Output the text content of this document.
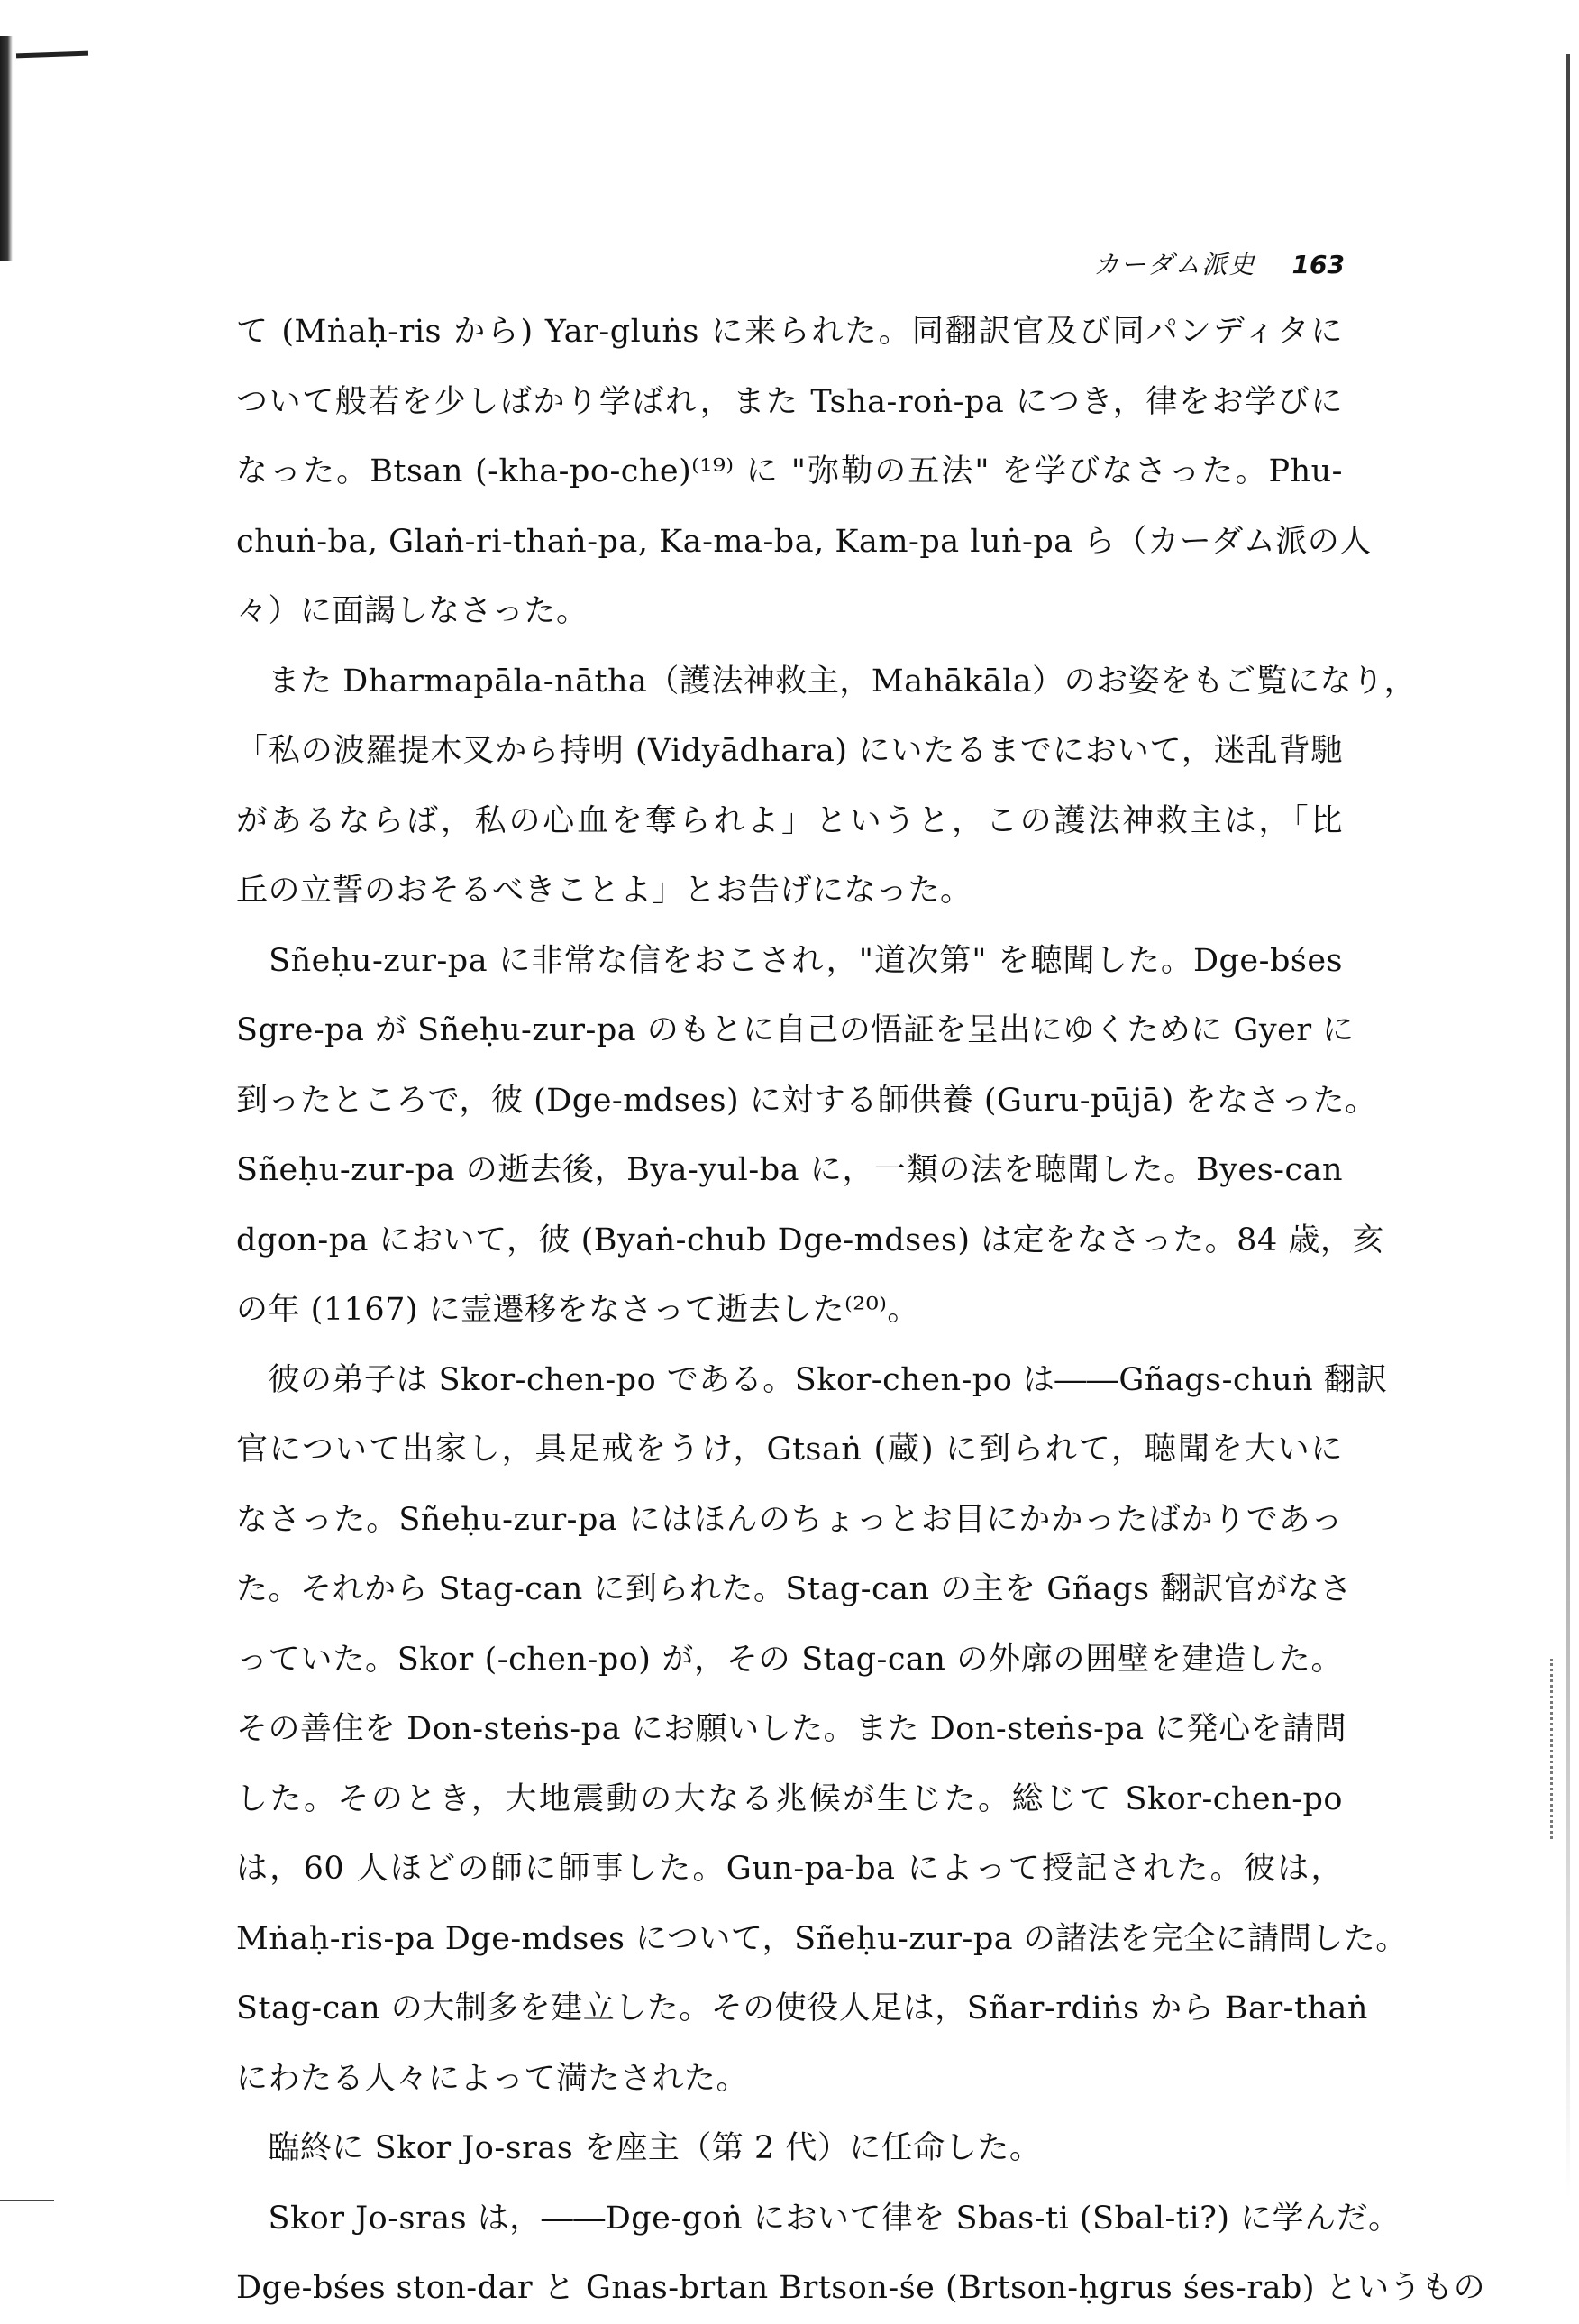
カーダム派史 163

て (Mṅaḥ-ris から) Yar-gluṅs に来られた。同翻訳官及び同パンディタに
ついて般若を少しばかり学ばれ，また Tsha-roṅ-pa につき，律をお学びに
なった。Btsan (-kha-po-che)⁽¹⁹⁾ に "弥勒の五法" を学びなさった。Phu-
chuṅ-ba, Glaṅ-ri-thaṅ-pa, Ka-ma-ba, Kam-pa luṅ-pa ら（カーダム派の人
々）に面謁しなさった。

　また Dharmapāla-nātha（護法神救主，Mahākāla）のお姿をもご覧になり，
「私の波羅提木叉から持明 (Vidyādhara) にいたるまでにおいて，迷乱背馳
があるならば，私の心血を奪られよ」というと，この護法神救主は，「比
丘の立誓のおそるべきことよ」とお告げになった。

　Sñeḥu-zur-pa に非常な信をおこされ，"道次第" を聴聞した。Dge-bśes
Sgre-pa が Sñeḥu-zur-pa のもとに自己の悟証を呈出にゆくために Gyer に
到ったところで，彼 (Dge-mdses) に対する師供養 (Guru-pūjā) をなさった。
Sñeḥu-zur-pa の逝去後，Bya-yul-ba に，一類の法を聴聞した。Byes-can
dgon-pa において，彼 (Byaṅ-chub Dge-mdses) は定をなさった。84 歳，亥
の年 (1167) に霊遷移をなさって逝去した⁽²⁰⁾。

　彼の弟子は Skor-chen-po である。Skor-chen-po は――Gñags-chuṅ 翻訳
官について出家し，具足戒をうけ，Gtsaṅ (蔵) に到られて，聴聞を大いに
なさった。Sñeḥu-zur-pa にはほんのちょっとお目にかかったばかりであっ
た。それから Stag-can に到られた。Stag-can の主を Gñags 翻訳官がなさ
っていた。Skor (-chen-po) が，その Stag-can の外廓の囲壁を建造した。
その善住を Don-steṅs-pa にお願いした。また Don-steṅs-pa に発心を請問
した。そのとき，大地震動の大なる兆候が生じた。総じて Skor-chen-po
は，60 人ほどの師に師事した。Gun-pa-ba によって授記された。彼は，
Mṅaḥ-ris-pa Dge-mdses について，Sñeḥu-zur-pa の諸法を完全に請問した。
Stag-can の大制多を建立した。その使役人足は，Sñar-rdiṅs から Bar-thaṅ
にわたる人々によって満たされた。

　臨終に Skor Jo-sras を座主（第 2 代）に任命した。

　Skor Jo-sras は，――Dge-goṅ において律を Sbas-ti (Sbal-ti?) に学んだ。
Dge-bśes ston-dar と Gnas-brtan Brtson-śe (Brtson-ḥgrus śes-rab) というもの
